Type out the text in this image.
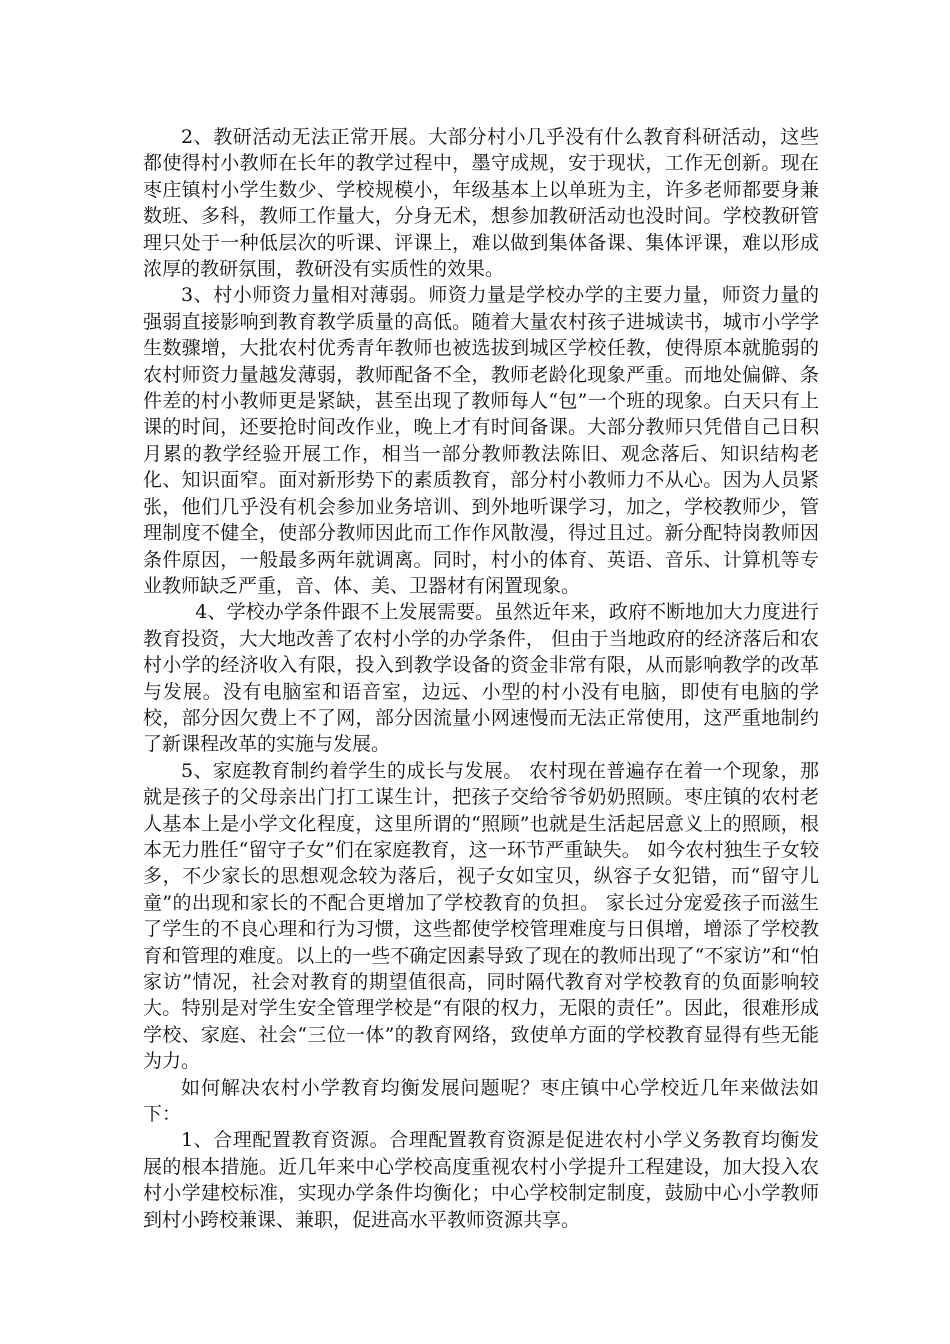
2、教研活动无法正常开展。大部分村小几乎没有什么教育科研活动，这些都使得村小教师在长年的教学过程中，墨守成规，安于现状，工作无创新。现在枣庄镇村小学生数少、学校规模小，年级基本上以单班为主，许多老师都要身兼数班、多科，教师工作量大，分身无术，想参加教研活动也没时间。学校教研管理只处于一种低层次的听课、评课上，难以做到集体备课、集体评课，难以形成浓厚的教研氛围，教研没有实质性的效果。

3、村小师资力量相对薄弱。师资力量是学校办学的主要力量，师资力量的强弱直接影响到教育教学质量的高低。随着大量农村孩子进城读书，城市小学学生数骤增，大批农村优秀青年教师也被选拔到城区学校任教，使得原本就脆弱的农村师资力量越发薄弱，教师配备不全，教师老龄化现象严重。而地处偏僻、条件差的村小教师更是紧缺，甚至出现了教师每人“包”一个班的现象。白天只有上课的时间，还要抢时间改作业，晚上才有时间备课。大部分教师只凭借自己日积月累的教学经验开展工作，相当一部分教师教法陈旧、观念落后、知识结构老化、知识面窄。面对新形势下的素质教育，部分村小教师力不从心。因为人员紧张，他们几乎没有机会参加业务培训、到外地听课学习，加之，学校教师少，管理制度不健全，使部分教师因此而工作作风散漫，得过且过。新分配特岗教师因条件原因，一般最多两年就调离。同时，村小的体育、英语、音乐、计算机等专业教师缺乏严重，音、体、美、卫器材有闲置现象。

4、学校办学条件跟不上发展需要。虽然近年来，政府不断地加大力度进行教育投资，大大地改善了农村小学的办学条件， 但由于当地政府的经济落后和农村小学的经济收入有限，投入到教学设备的资金非常有限，从而影响教学的改革与发展。没有电脑室和语音室，边远、小型的村小没有电脑，即使有电脑的学校，部分因欠费上不了网，部分因流量小网速慢而无法正常使用，这严重地制约了新课程改革的实施与发展。

5、家庭教育制约着学生的成长与发展。 农村现在普遍存在着一个现象，那就是孩子的父母亲出门打工谋生计，把孩子交给爷爷奶奶照顾。枣庄镇的农村老人基本上是小学文化程度，这里所谓的“照顾”也就是生活起居意义上的照顾，根本无力胜任“留守子女”们在家庭教育，这一环节严重缺失。 如今农村独生子女较多，不少家长的思想观念较为落后，视子女如宝贝，纵容子女犯错，而“留守儿童”的出现和家长的不配合更增加了学校教育的负担。 家长过分宠爱孩子而滋生了学生的不良心理和行为习惯，这些都使学校管理难度与日俱增，增添了学校教育和管理的难度。以上的一些不确定因素导致了现在的教师出现了“不家访”和“怕家访”情况，社会对教育的期望值很高，同时隔代教育对学校教育的负面影响较大。特别是对学生安全管理学校是“有限的权力，无限的责任”。因此，很难形成学校、家庭、社会“三位一体”的教育网络，致使单方面的学校教育显得有些无能为力。

如何解决农村小学教育均衡发展问题呢？枣庄镇中心学校近几年来做法如下：

1、合理配置教育资源。合理配置教育资源是促进农村小学义务教育均衡发展的根本措施。近几年来中心学校高度重视农村小学提升工程建设，加大投入农村小学建校标准，实现办学条件均衡化；中心学校制定制度，鼓励中心小学教师到村小跨校兼课、兼职，促进高水平教师资源共享。
